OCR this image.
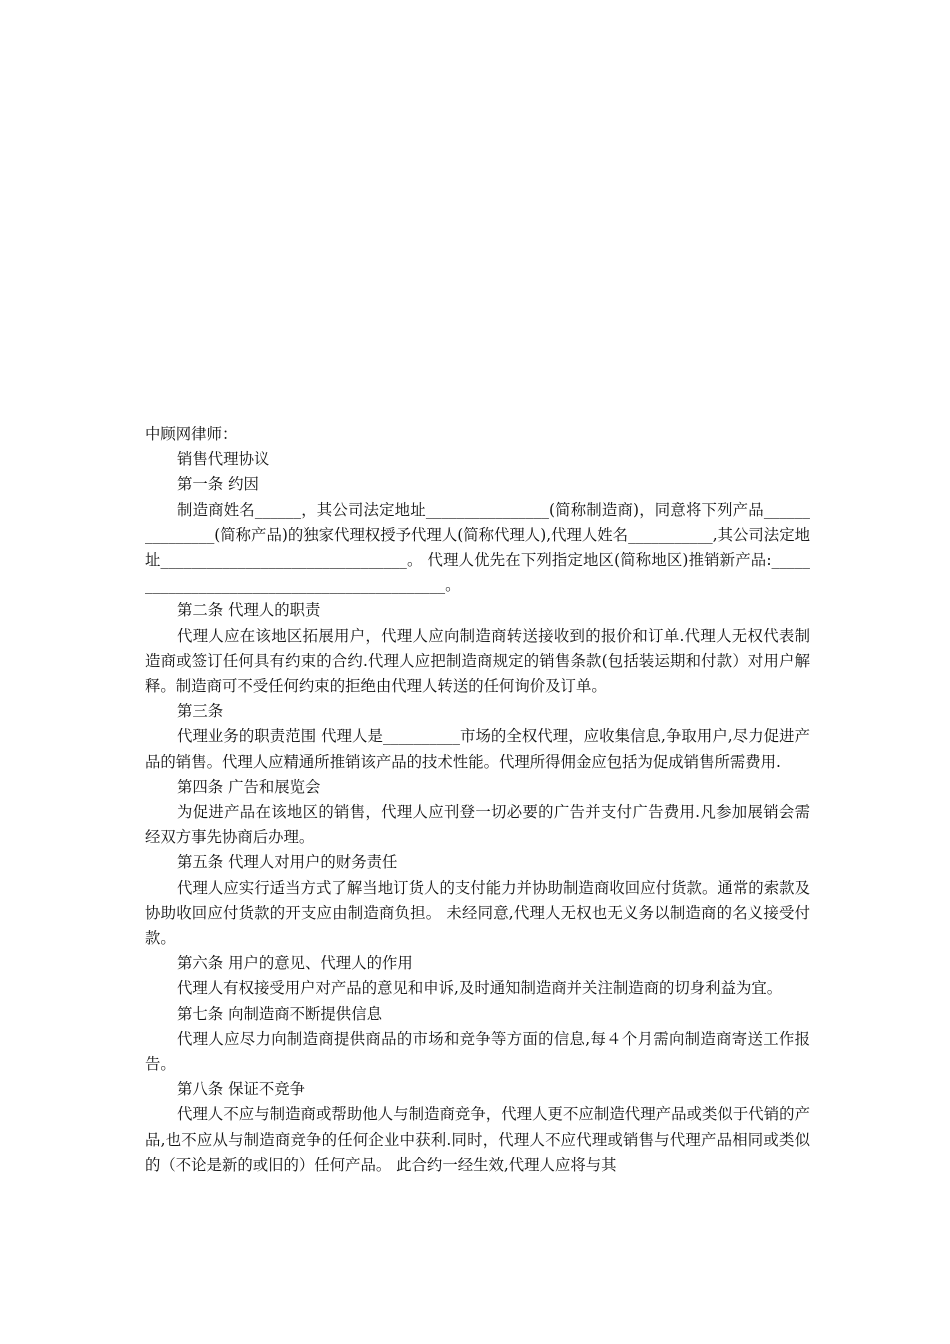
中顾网律师：

销售代理协议

第一条 约因

制造商姓名______，其公司法定地址________________(简称制造商)，同意将下列产品_______________(简称产品)的独家代理权授予代理人(简称代理人),代理人姓名___________,其公司法定地址________________________________。 代理人优先在下列指定地区(简称地区)推销新产品:____________________________________________。

第二条 代理人的职责

代理人应在该地区拓展用户，代理人应向制造商转送接收到的报价和订单.代理人无权代表制造商或签订任何具有约束的合约.代理人应把制造商规定的销售条款(包括装运期和付款）对用户解释。制造商可不受任何约束的拒绝由代理人转送的任何询价及订单。

第三条

代理业务的职责范围 代理人是__________市场的全权代理，应收集信息,争取用户,尽力促进产品的销售。代理人应精通所推销该产品的技术性能。代理所得佣金应包括为促成销售所需费用.

第四条 广告和展览会

为促进产品在该地区的销售，代理人应刊登一切必要的广告并支付广告费用.凡参加展销会需经双方事先协商后办理。

第五条 代理人对用户的财务责任

代理人应实行适当方式了解当地订货人的支付能力并协助制造商收回应付货款。通常的索款及协助收回应付货款的开支应由制造商负担。 未经同意,代理人无权也无义务以制造商的名义接受付款。

第六条 用户的意见、代理人的作用

代理人有权接受用户对产品的意见和申诉,及时通知制造商并关注制造商的切身利益为宜。

第七条 向制造商不断提供信息

代理人应尽力向制造商提供商品的市场和竞争等方面的信息,每４个月需向制造商寄送工作报告。

第八条 保证不竞争

代理人不应与制造商或帮助他人与制造商竞争，代理人更不应制造代理产品或类似于代销的产品,也不应从与制造商竞争的任何企业中获利.同时，代理人不应代理或销售与代理产品相同或类似的（不论是新的或旧的）任何产品。 此合约一经生效,代理人应将与其
